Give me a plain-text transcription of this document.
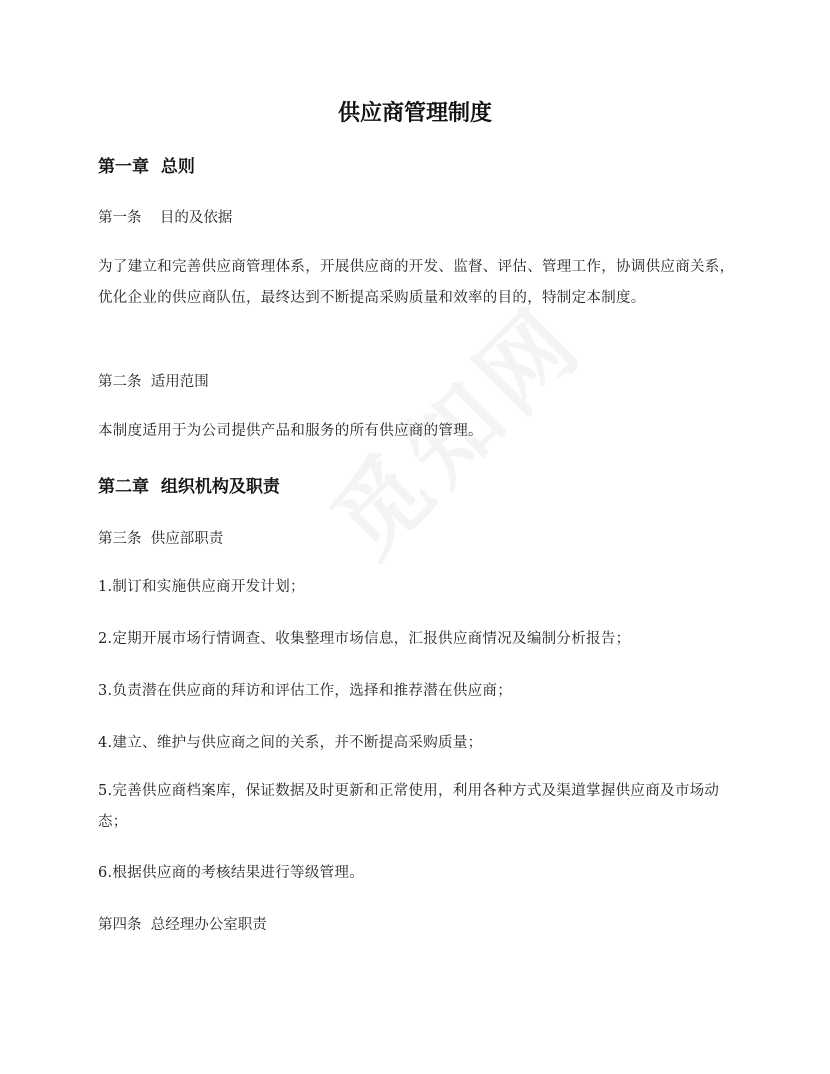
供应商管理制度
第一章  总则
第一条    目的及依据
为了建立和完善供应商管理体系，开展供应商的开发、监督、评估、管理工作，协调供应商关系，优化企业的供应商队伍，最终达到不断提高采购质量和效率的目的，特制定本制度。
第二条  适用范围
本制度适用于为公司提供产品和服务的所有供应商的管理。
第二章  组织机构及职责
第三条  供应部职责
1.制订和实施供应商开发计划；
2.定期开展市场行情调查、收集整理市场信息，汇报供应商情况及编制分析报告；
3.负责潜在供应商的拜访和评估工作，选择和推荐潜在供应商；
4.建立、维护与供应商之间的关系，并不断提高采购质量；
5.完善供应商档案库，保证数据及时更新和正常使用，利用各种方式及渠道掌握供应商及市场动态；
6.根据供应商的考核结果进行等级管理。
第四条  总经理办公室职责
